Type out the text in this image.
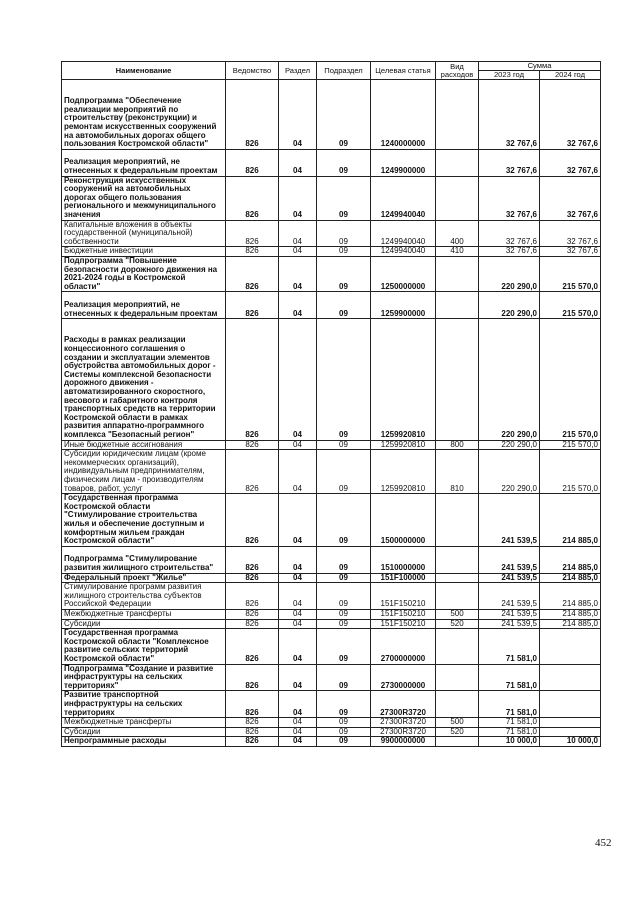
Наименование	Ведомство	Раздел	Подраздел	Целевая статья	Вид расходов	Сумма	
						2023 год	2024 год
Подпрограмма "Обеспечение реализации мероприятий по строительству (реконструкции) и ремонтам искусственных сооружений на автомобильных дорогах общего пользования Костромской области"	826	04	09	1240000000		32 767,6	32 767,6
Реализация мероприятий, не отнесенных к федеральным проектам	826	04	09	1249900000		32 767,6	32 767,6
Реконструкция искусственных сооружений на автомобильных дорогах общего пользования регионального и межмуниципального значения	826	04	09	1249940040		32 767,6	32 767,6
Капитальные вложения в объекты государственной (муниципальной) собственности	826	04	09	1249940040	400	32 767,6	32 767,6
Бюджетные инвестиции	826	04	09	1249940040	410	32 767,6	32 767,6
Подпрограмма "Повышение безопасности дорожного движения на 2021-2024 годы в Костромской области"	826	04	09	1250000000		220 290,0	215 570,0
Реализация мероприятий, не отнесенных к федеральным проектам	826	04	09	1259900000		220 290,0	215 570,0
Расходы в рамках реализации концессионного соглашения о создании и эксплуатации элементов обустройства автомобильных дорог - Системы комплексной безопасности дорожного движения - автоматизированного скоростного, весового и габаритного контроля транспортных средств на территории Костромской области в рамках развития аппаратно-программного комплекса "Безопасный регион"	826	04	09	1259920810		220 290,0	215 570,0
Иные бюджетные ассигнования	826	04	09	1259920810	800	220 290,0	215 570,0
Субсидии юридическим лицам (кроме некоммерческих организаций), индивидуальным предпринимателям, физическим лицам - производителям товаров, работ, услуг	826	04	09	1259920810	810	220 290,0	215 570,0
Государственная программа Костромской области "Стимулирование строительства жилья и обеспечение доступным и комфортным жильем граждан Костромской области"	826	04	09	1500000000		241 539,5	214 885,0
Подпрограмма "Стимулирование развития жилищного строительства"	826	04	09	1510000000		241 539,5	214 885,0
Федеральный проект "Жилье"	826	04	09	151F100000		241 539,5	214 885,0
Стимулирование программ развития жилищного строительства субъектов Российской Федерации	826	04	09	151F150210		241 539,5	214 885,0
Межбюджетные трансферты	826	04	09	151F150210	500	241 539,5	214 885,0
Субсидии	826	04	09	151F150210	520	241 539,5	214 885,0
Государственная программа Костромской области "Комплексное развитие сельских территорий Костромской области"	826	04	09	2700000000		71 581,0	
Подпрограмма "Создание и развитие инфраструктуры на сельских территориях"	826	04	09	2730000000		71 581,0	
Развитие транспортной инфраструктуры на сельских территориях	826	04	09	27300R3720		71 581,0	
Межбюджетные трансферты	826	04	09	27300R3720	500	71 581,0	
Субсидии	826	04	09	27300R3720	520	71 581,0	
Непрограммные расходы	826	04	09	9900000000		10 000,0	10 000,0
452
